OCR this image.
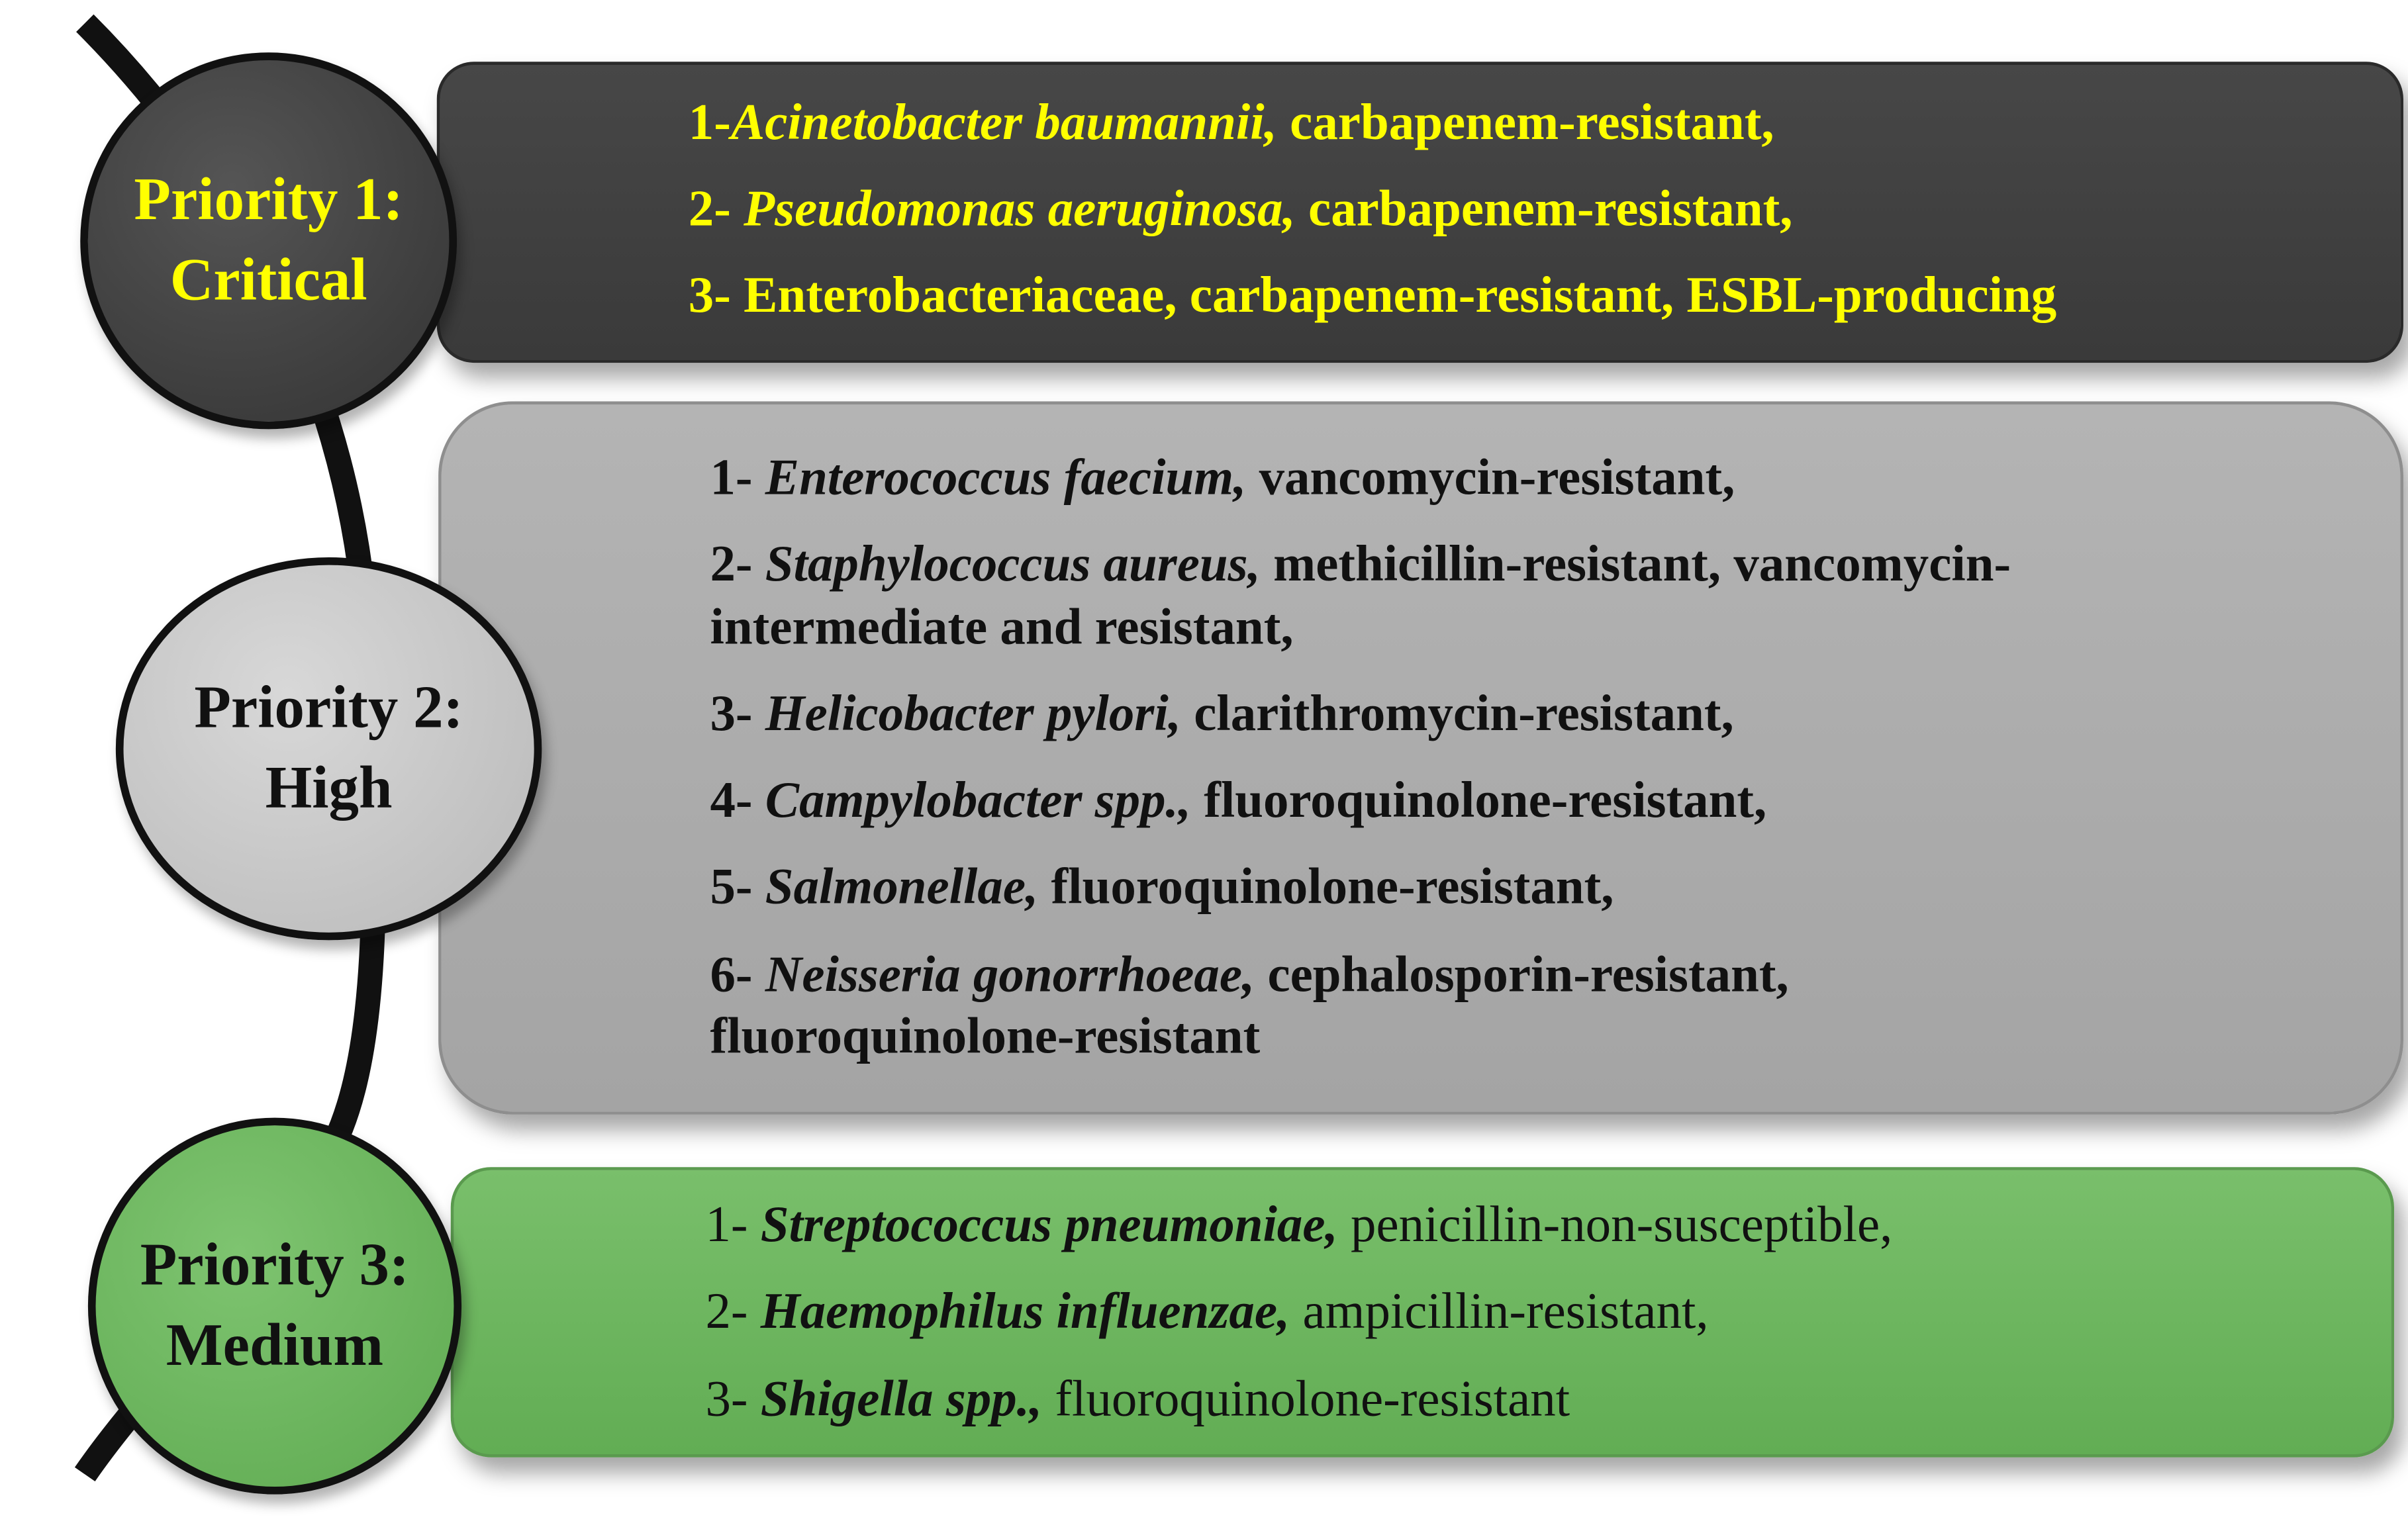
1-Acinetobacter baumannii, carbapenem-resistant,
2- Pseudomonas aeruginosa, carbapenem-resistant,
3- Enterobacteriaceae, carbapenem-resistant, ESBL-producing
1- Enterococcus faecium, vancomycin-resistant,
2- Staphylococcus aureus, methicillin-resistant, vancomycin-
intermediate and resistant,
3- Helicobacter pylori, clarithromycin-resistant,
4- Campylobacter spp., fluoroquinolone-resistant,
5- Salmonellae, fluoroquinolone-resistant,
6- Neisseria gonorrhoeae, cephalosporin-resistant,
fluoroquinolone-resistant
1- Streptococcus pneumoniae, penicillin-non-susceptible,
2- Haemophilus influenzae, ampicillin-resistant,
3- Shigella spp., fluoroquinolone-resistant
Priority 1:
Critical
Priority 2:
High
Priority 3:
Medium
